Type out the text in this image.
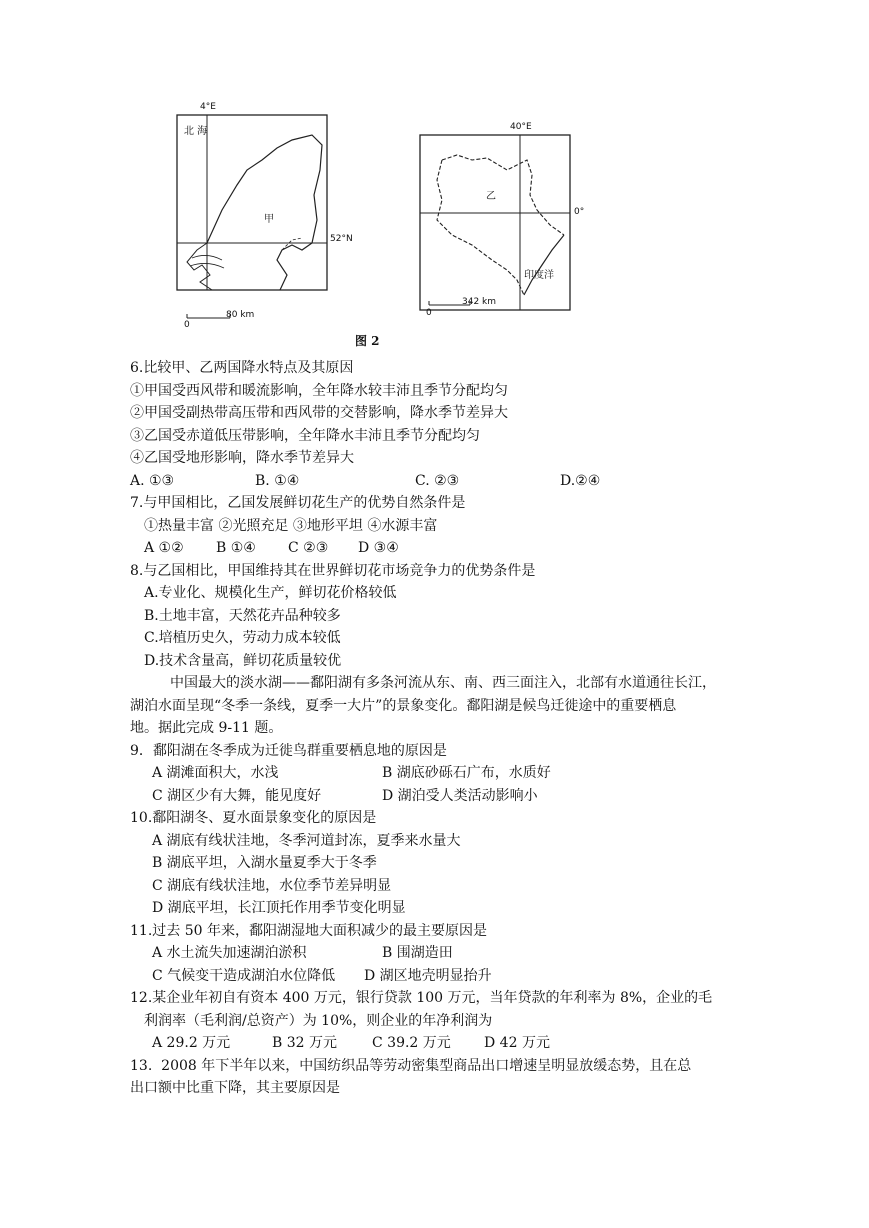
4°E
52°N
北 海
甲
0
80 km
40°E
0°
乙
印度洋
0
342 km
图 2
6.比较甲、乙两国降水特点及其原因
①甲国受西风带和暖流影响，全年降水较丰沛且季节分配均匀
②甲国受副热带高压带和西风带的交替影响，降水季节差异大
③乙国受赤道低压带影响，全年降水丰沛且季节分配均匀
④乙国受地形影响，降水季节差异大
A. ①③	B. ①④	C. ②③	D.②④
7.与甲国相比，乙国发展鲜切花生产的优势自然条件是
①热量丰富 ②光照充足 ③地形平坦 ④水源丰富
A ①②	B ①④	C ②③	D ③④
8.与乙国相比，甲国维持其在世界鲜切花市场竞争力的优势条件是
A.专业化、规模化生产，鲜切花价格较低
B.土地丰富，天然花卉品种较多
C.培植历史久，劳动力成本较低
D.技术含量高，鲜切花质量较优
中国最大的淡水湖——鄱阳湖有多条河流从东、南、西三面注入，北部有水道通往长江，
湖泊水面呈现“冬季一条线，夏季一大片”的景象变化。鄱阳湖是候鸟迁徙途中的重要栖息
地。据此完成 9-11 题。
9．鄱阳湖在冬季成为迁徙鸟群重要栖息地的原因是
A 湖滩面积大，水浅	B 湖底砂砾石广布，水质好
C 湖区少有大舞，能见度好	D 湖泊受人类活动影响小
10.鄱阳湖冬、夏水面景象变化的原因是
A 湖底有线状洼地，冬季河道封冻，夏季来水量大
B 湖底平坦，入湖水量夏季大于冬季
C 湖底有线状洼地，水位季节差异明显
D 湖底平坦，长江顶托作用季节变化明显
11.过去 50 年来，鄱阳湖湿地大面积减少的最主要原因是
A 水土流失加速湖泊淤积	B 围湖造田
C 气候变干造成湖泊水位降低	D 湖区地壳明显抬升
12.某企业年初自有资本 400 万元，银行贷款 100 万元，当年贷款的年利率为 8%，企业的毛
利润率（毛利润/总资产）为 10%，则企业的年净利润为
A 29.2 万元	B 32 万元	C 39.2 万元	D 42 万元
13.  2008 年下半年以来，中国纺织品等劳动密集型商品出口增速呈明显放缓态势，且在总
出口额中比重下降，其主要原因是
